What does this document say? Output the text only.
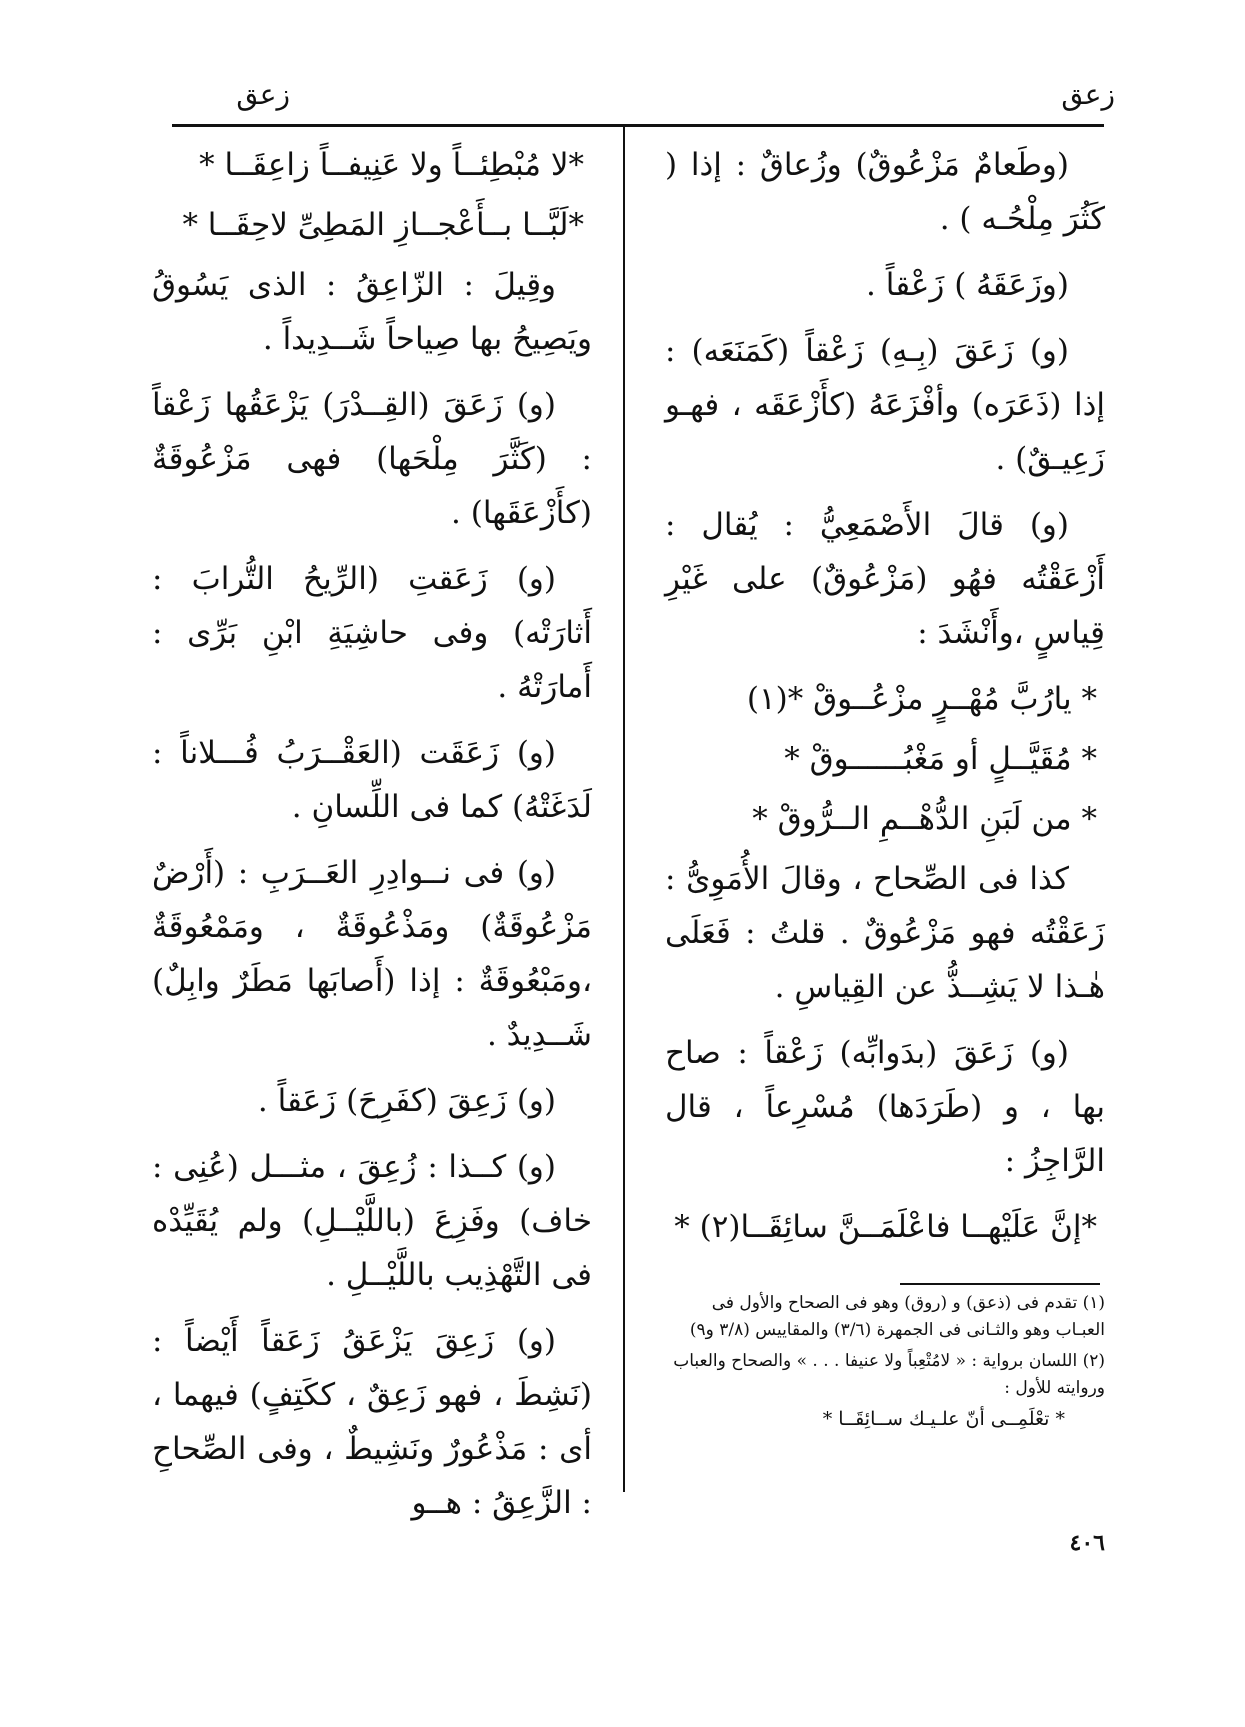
زعق
زعق

(وطَعامٌ مَزْعُوقٌ) وزُعاقٌ : إذا ( كَثُرَ مِلْحُـه ) .

(وزَعَقَهُ ) زَعْقاً .

(و) زَعَقَ (بِـهِ) زَعْقاً (كَمَنَعَه) : إذا (ذَعَرَه) وأفْزَعَهُ (كأَزْعَقَه ، فهـو زَعِيـقٌ) .

(و) قالَ الأَصْمَعِيُّ : يُقال : أَزْعَقْتُه فهُو (مَزْعُوقٌ) على غَيْرِ قِياسٍ ،وأَنْشَدَ :

* يارُبَّ مُهْــرٍ مزْعُــوقْ *(١)

* مُقَيَّــلٍ أو مَغْبُــــــوقْ *

* من لَبَنِ الدُّهْــمِ الــرُّوقْ *

كذا فى الصِّحاح ، وقالَ الأُمَوِىُّ : زَعَقْتُه فهو مَزْعُوقٌ . قلتُ : فَعَلَى هٰـذا لا يَشِــذُّ عن القِياسِ .

(و) زَعَقَ (بدَوابِّه) زَعْقاً : صاح بها ، و (طَرَدَها) مُسْرِعاً ، قال الرَّاجِزُ :

*إنَّ عَلَيْهــا فاعْلَمَــنَّ سائِقَــا(٢) *

*لا مُبْطِئــاً ولا عَنِيفــاً زاعِقَــا *

*لَبَّــا بــأَعْجــازِ المَطِىِّ لاحِقَــا *

وقِيلَ : الزّاعِقُ : الذى يَسُوقُ ويَصِيحُ بها صِياحاً شَــدِيداً .

(و) زَعَقَ (القِــدْرَ) يَزْعَقُها زَعْقاً : (كَثَّرَ مِلْحَها) فهى مَزْعُوقَةٌ (كأَزْعَقَها) .

(و) زَعَقتِ (الرِّيحُ التُّرابَ : أَثارَتْه) وفى حاشِيَةِ ابْنِ بَرِّى : أَمارَتْهُ .

(و) زَعَقَت (العَقْــرَبُ فُـــلاناً : لَدَغَتْهُ) كما فى اللِّسانِ .

(و) فى نــوادِرِ العَــرَبِ : (أَرْضٌ مَزْعُوقَةٌ) ومَذْعُوقَةٌ ، ومَمْعُوقَةٌ ،ومَبْعُوقَةٌ : إذا (أَصابَها مَطَرٌ وابِلٌ) شَــدِيدٌ .

(و) زَعِقَ (كفَرِحَ) زَعَقاً .

(و) كــذا : زُعِقَ ، مثـــل (عُنِى : خاف) وفَزِعَ (باللَّيْــلِ) ولم يُقَيِّدْه فى التَّهْذِيب باللَّيْــلِ .

(و) زَعِقَ يَزْعَقُ زَعَقاً أَيْضاً :(نَشِطَ ، فهو زَعِقٌ ، ككَتِفٍ) فيهما ، أى : مَذْعُورٌ ونَشِيطٌ ، وفى الصِّحاحِ : الزَّعِقُ : هــو

(١) تقدم فى (ذعق) و (روق) وهو فى الصحاح والأول فى العبـاب وهو والثـانى فى الجمهرة (٣/٦) والمقاييس (٣/٨ و٩)

(٢) اللسان برواية : « لامُتْعِباً ولا عنيفا . . . » والصحاح والعباب وروايته للأول :

* تعْلَمِــى أنّ علـيـك ســائِقَــا *

٤٠٦
